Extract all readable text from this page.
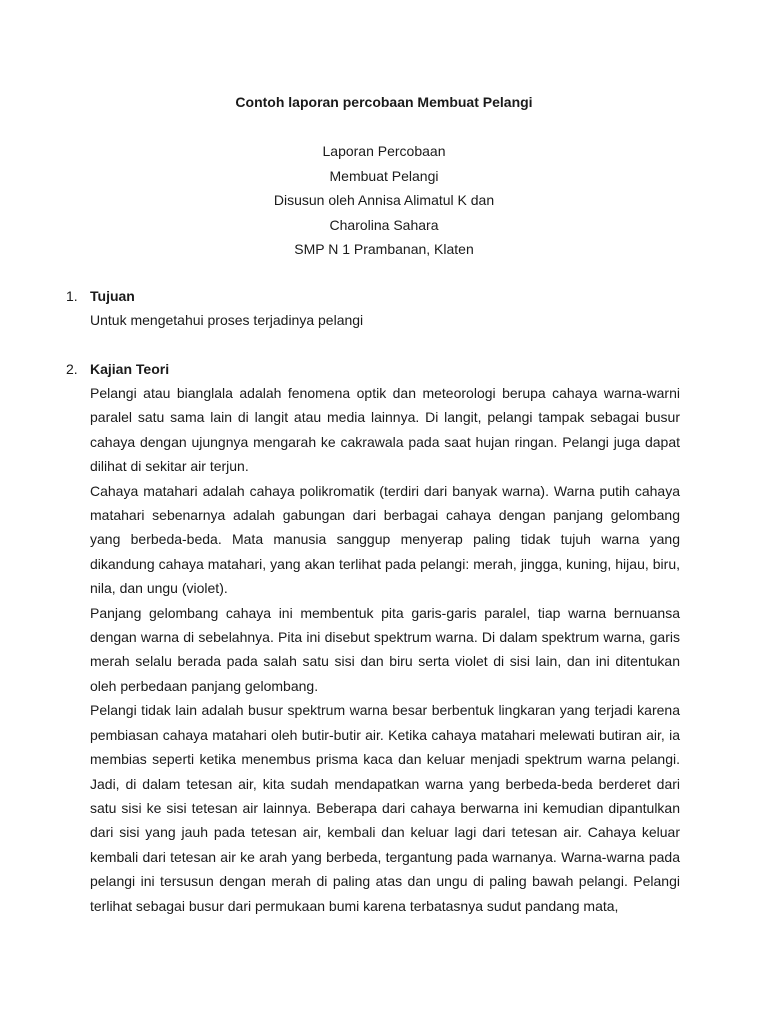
Contoh laporan percobaan Membuat Pelangi
Laporan Percobaan
Membuat Pelangi
Disusun oleh Annisa Alimatul K dan
Charolina Sahara
SMP N 1 Prambanan, Klaten
1. Tujuan

Untuk mengetahui proses terjadinya pelangi

2. Kajian Teori

Pelangi atau bianglala adalah fenomena optik dan meteorologi berupa cahaya warna-warni paralel satu sama lain di langit atau media lainnya. Di langit, pelangi tampak sebagai busur cahaya dengan ujungnya mengarah ke cakrawala pada saat hujan ringan. Pelangi juga dapat dilihat di sekitar air terjun.

Cahaya matahari adalah cahaya polikromatik (terdiri dari banyak warna). Warna putih cahaya matahari sebenarnya adalah gabungan dari berbagai cahaya dengan panjang gelombang yang berbeda-beda. Mata manusia sanggup menyerap paling tidak tujuh warna yang dikandung cahaya matahari, yang akan terlihat pada pelangi: merah, jingga, kuning, hijau, biru, nila, dan ungu (violet).

Panjang gelombang cahaya ini membentuk pita garis-garis paralel, tiap warna bernuansa dengan warna di sebelahnya. Pita ini disebut spektrum warna. Di dalam spektrum warna, garis merah selalu berada pada salah satu sisi dan biru serta violet di sisi lain, dan ini ditentukan oleh perbedaan panjang gelombang.

Pelangi tidak lain adalah busur spektrum warna besar berbentuk lingkaran yang terjadi karena pembiasan cahaya matahari oleh butir-butir air. Ketika cahaya matahari melewati butiran air, ia membias seperti ketika menembus prisma kaca dan keluar menjadi spektrum warna pelangi. Jadi, di dalam tetesan air, kita sudah mendapatkan warna yang berbeda-beda berderet dari satu sisi ke sisi tetesan air lainnya. Beberapa dari cahaya berwarna ini kemudian dipantulkan dari sisi yang jauh pada tetesan air, kembali dan keluar lagi dari tetesan air. Cahaya keluar kembali dari tetesan air ke arah yang berbeda, tergantung pada warnanya. Warna-warna pada pelangi ini tersusun dengan merah di paling atas dan ungu di paling bawah pelangi. Pelangi terlihat sebagai busur dari permukaan bumi karena terbatasnya sudut pandang mata,
